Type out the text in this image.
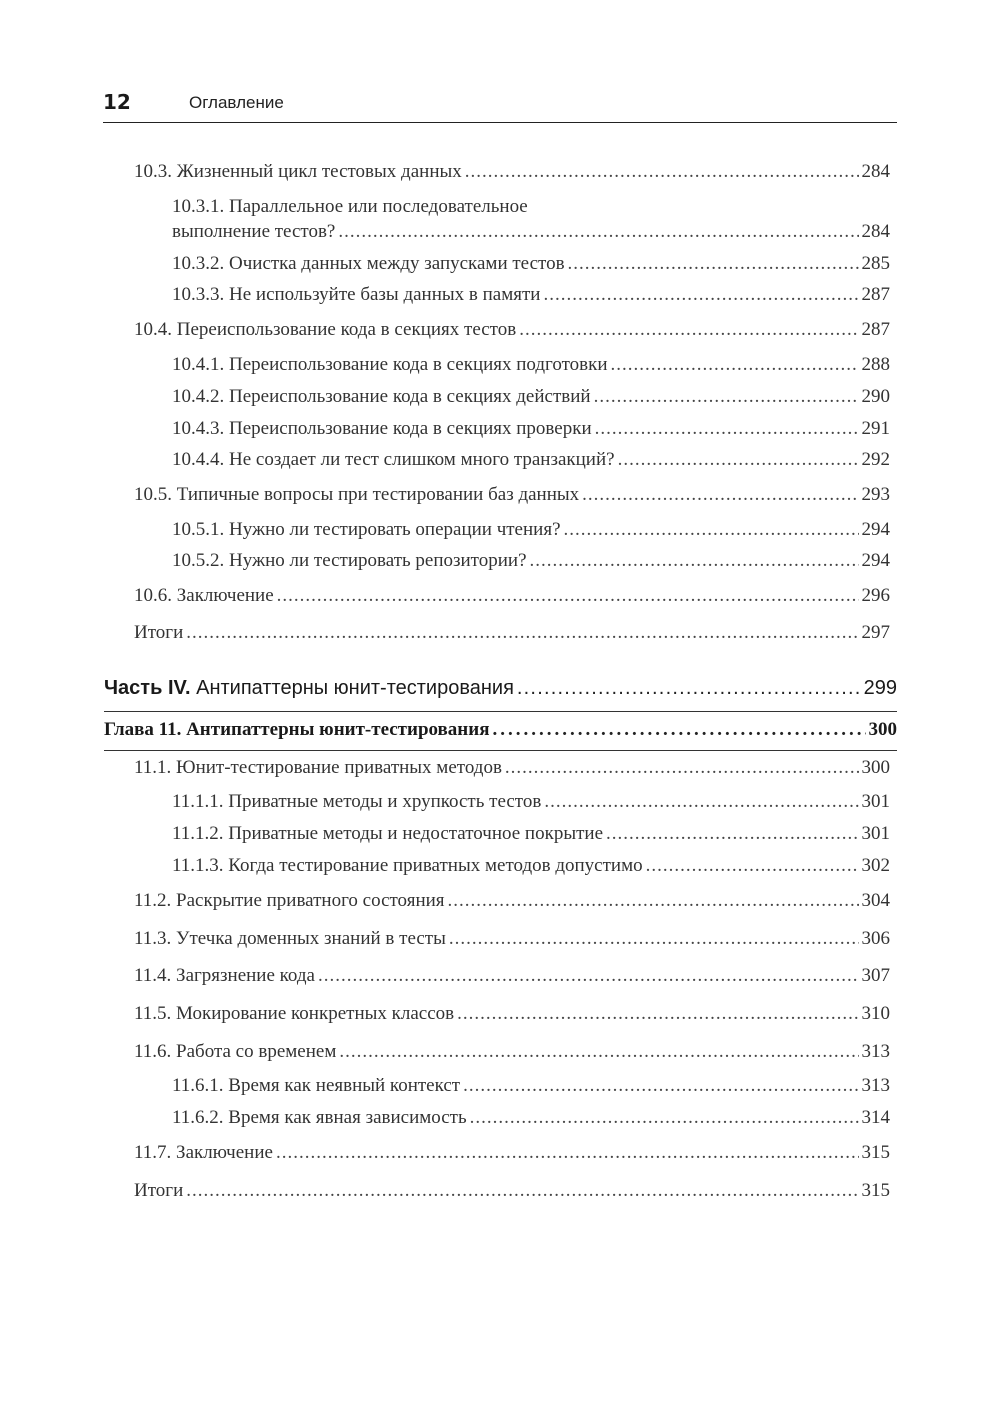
12	Оглавление
10.3. Жизненный цикл тестовых данных .....	284
10.3.1. Параллельное или последовательное
выполнение тестов? .....	284
10.3.2. Очистка данных между запусками тестов .....	285
10.3.3. Не используйте базы данных в памяти .....	287
10.4. Переиспользование кода в секциях тестов .....	287
10.4.1. Переиспользование кода в секциях подготовки .....	288
10.4.2. Переиспользование кода в секциях действий .....	290
10.4.3. Переиспользование кода в секциях проверки .....	291
10.4.4. Не создает ли тест слишком много транзакций? .....	292
10.5. Типичные вопросы при тестировании баз данных .....	293
10.5.1. Нужно ли тестировать операции чтения? .....	294
10.5.2. Нужно ли тестировать репозитории? .....	294
10.6. Заключение .....	296
Итоги .....	297
Часть IV. Антипаттерны юнит-тестирования .....	299
Глава 11. Антипаттерны юнит-тестирования .....	300
11.1. Юнит-тестирование приватных методов .....	300
11.1.1. Приватные методы и хрупкость тестов .....	301
11.1.2. Приватные методы и недостаточное покрытие .....	301
11.1.3. Когда тестирование приватных методов допустимо .....	302
11.2. Раскрытие приватного состояния .....	304
11.3. Утечка доменных знаний в тесты .....	306
11.4. Загрязнение кода .....	307
11.5. Мокирование конкретных классов .....	310
11.6. Работа со временем .....	313
11.6.1. Время как неявный контекст .....	313
11.6.2. Время как явная зависимость .....	314
11.7. Заключение .....	315
Итоги .....	315
